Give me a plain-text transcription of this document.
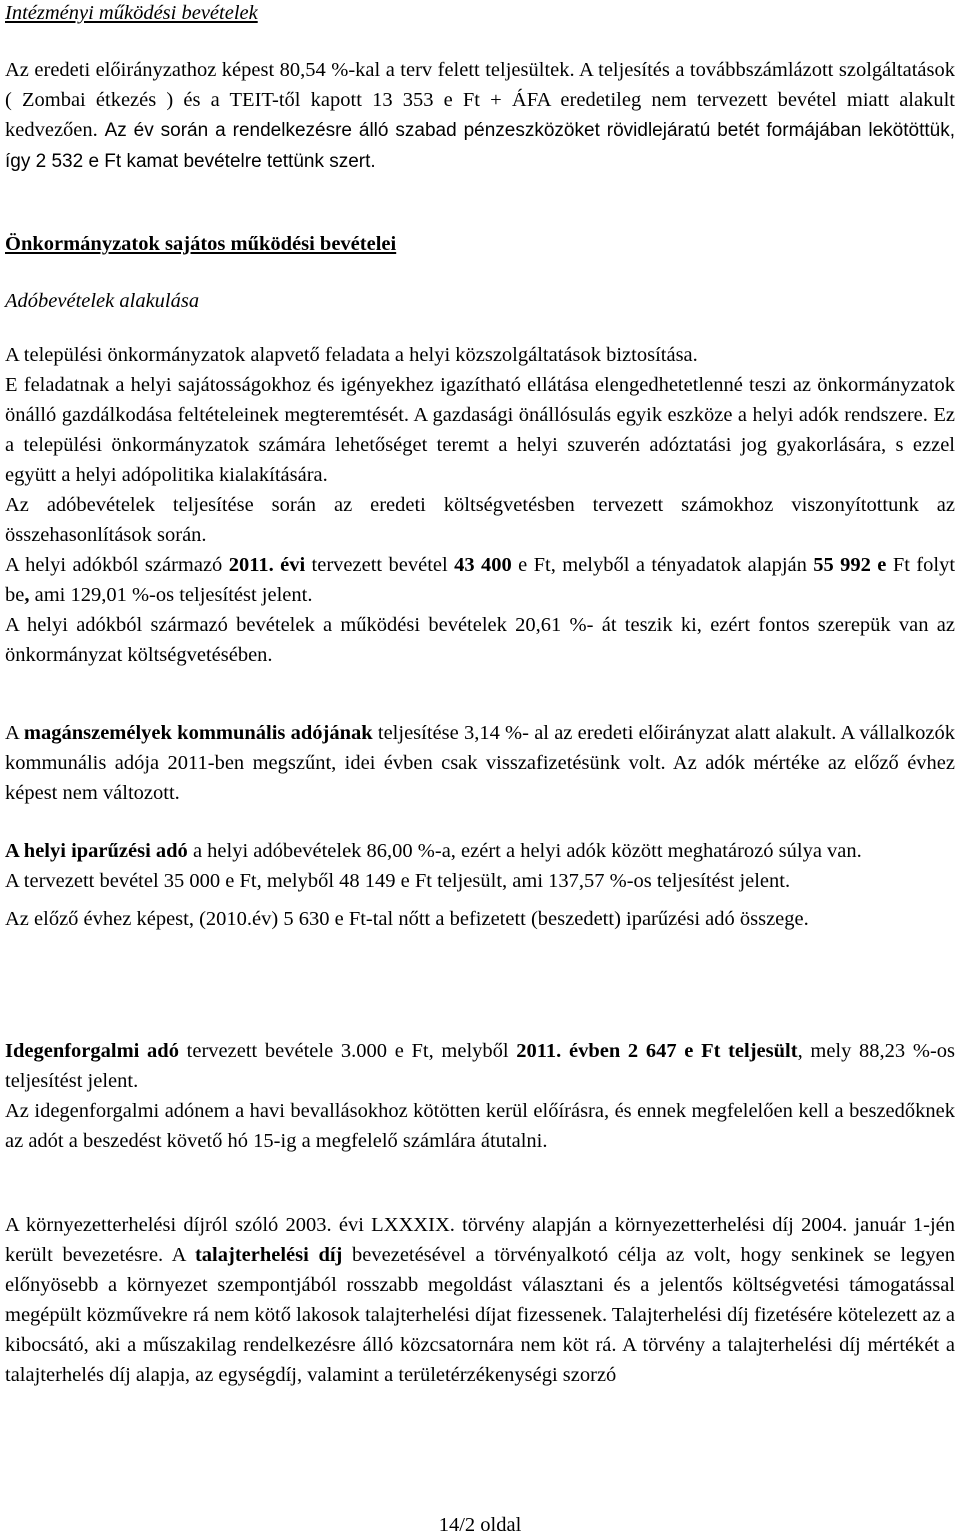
Intézményi működési bevételek
Az eredeti előirányzathoz képest 80,54 %-kal a terv felett teljesültek. A teljesítés a továbbszámlázott szolgáltatások ( Zombai étkezés ) és a TEIT-től kapott 13 353 e Ft + ÁFA eredetileg nem tervezett bevétel miatt alakult kedvezően. Az év során a rendelkezésre álló szabad pénzeszközöket rövidlejáratú betét formájában lekötöttük, így 2 532 e Ft kamat bevételre tettünk szert.
Önkormányzatok sajátos működési bevételei
Adóbevételek alakulása

A települési önkormányzatok alapvető feladata a helyi közszolgáltatások biztosítása.

E feladatnak a helyi sajátosságokhoz és igényekhez igazítható ellátása elengedhetetlenné teszi az önkormányzatok önálló gazdálkodása feltételeinek megteremtését. A gazdasági önállósulás egyik eszköze a helyi adók rendszere. Ez a települési önkormányzatok számára lehetőséget teremt a helyi szuverén adóztatási jog gyakorlására, s ezzel együtt a helyi adópolitika kialakítására.

Az adóbevételek teljesítése során az eredeti költségvetésben tervezett számokhoz viszonyítottunk az összehasonlítások során.

A helyi adókból származó 2011. évi tervezett bevétel 43 400 e Ft, melyből a tényadatok alapján 55 992 e Ft folyt be, ami 129,01 %-os teljesítést jelent.

A helyi adókból származó bevételek a működési bevételek 20,61 %- át teszik ki, ezért fontos szerepük van az önkormányzat költségvetésében.

A magánszemélyek kommunális adójának teljesítése 3,14 %- al az eredeti előirányzat alatt alakult. A vállalkozók kommunális adója 2011-ben megszűnt, idei évben csak visszafizetésünk volt. Az adók mértéke az előző évhez képest nem változott.

A helyi iparűzési adó a helyi adóbevételek 86,00 %-a, ezért a helyi adók között meghatározó súlya van.

A tervezett bevétel 35 000 e Ft, melyből 48 149 e Ft teljesült, ami 137,57 %-os teljesítést jelent.

Az előző évhez képest, (2010.év) 5 630 e Ft-tal nőtt a befizetett (beszedett) iparűzési adó összege.

Idegenforgalmi adó tervezett bevétele 3.000 e Ft, melyből 2011. évben 2 647 e Ft teljesült, mely 88,23 %-os teljesítést jelent.

Az idegenforgalmi adónem a havi bevallásokhoz kötötten kerül előírásra, és ennek megfelelően kell a beszedőknek az adót a beszedést követő hó 15-ig a megfelelő számlára átutalni.

A környezetterhelési díjról szóló 2003. évi LXXXIX. törvény alapján a környezetterhelési díj 2004. január 1-jén került bevezetésre. A talajterhelési díj bevezetésével a törvényalkotó célja az volt, hogy senkinek se legyen előnyösebb a környezet szempontjából rosszabb megoldást választani és a jelentős költségvetési támogatással megépült közművekre rá nem kötő lakosok talajterhelési díjat fizessenek. Talajterhelési díj fizetésére kötelezett az a kibocsátó, aki a műszakilag rendelkezésre álló közcsatornára nem köt rá. A törvény a talajterhelési díj mértékét a talajterhelés díj alapja, az egységdíj, valamint a területérzékenységi szorzó

14/2 oldal
